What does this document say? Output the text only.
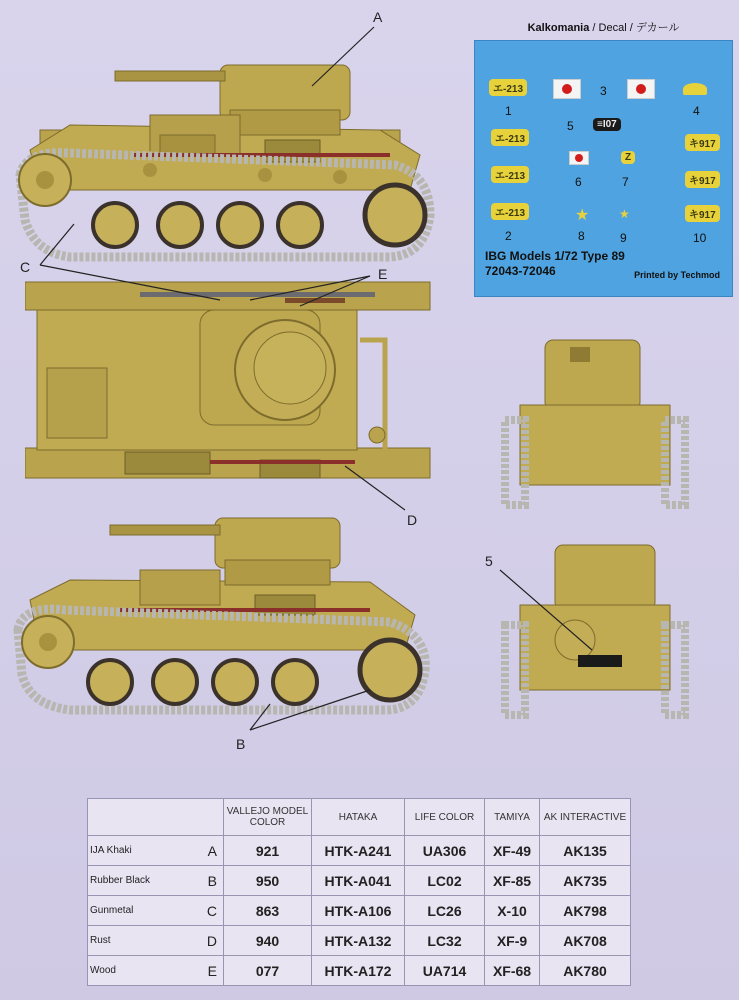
A
C	E
D
B
5
Kalkomania / Decal / デカール
エ-213
≡I07
エ-213	キ917
Z
エ-213	キ917
エ-213	★ ★	キ917
1
3
4
5
6	7
2	8	9	10
IBG Models 1/72 Type 89
72043-72046	Printed by Techmod
		VALLEJO MODEL COLOR	HATAKA	LIFE COLOR	TAMIYA	AK INTERACTIVE
IJA Khaki	A	921	HTK-A241	UA306	XF-49	AK135
Rubber Black	B	950	HTK-A041	LC02	XF-85	AK735
Gunmetal	C	863	HTK-A106	LC26	X-10	AK798
Rust	D	940	HTK-A132	LC32	XF-9	AK708
Wood	E	077	HTK-A172	UA714	XF-68	AK780
